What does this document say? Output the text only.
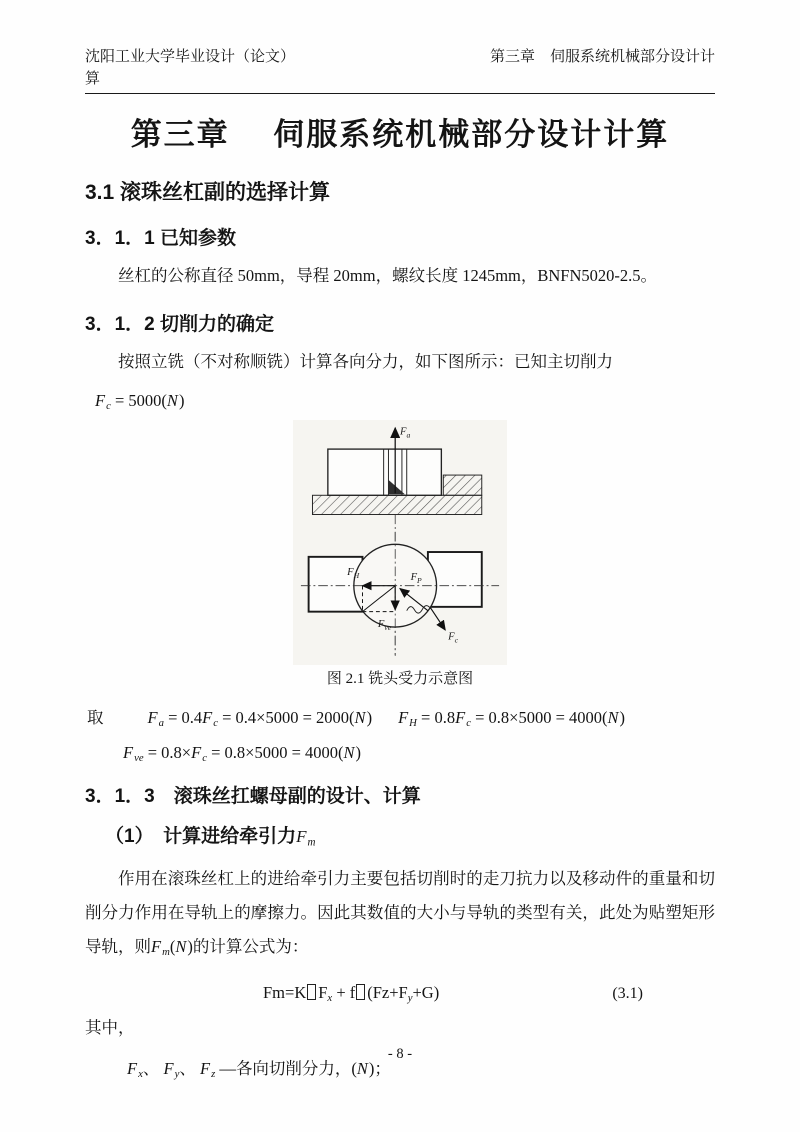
沈阳工业大学毕业设计（论文）	第三章　伺服系统机械部分设计计
算
第三章　 伺服系统机械部分设计计算
3.1 滚珠丝杠副的选择计算
3．1．1 已知参数

丝杠的公称直径 50mm，导程 20mm，螺纹长度 1245mm，BNFN5020-2.5。

3．1．2 切削力的确定

按照立铣（不对称顺铣）计算各向分力，如下图所示：已知主切削力

Fc = 5000(N)
$F_a$
$F_H$	$F_P$
$F_{ve}$
$F_c$
图 2.1 铣头受力示意图
取	Fa = 0.4Fc = 0.4×5000 = 2000(N) FH = 0.8Fc = 0.8×5000 = 4000(N)
Fve = 0.8×Fc = 0.8×5000 = 4000(N)
3．1．3　滚珠丝扛螺母副的设计、计算
（1）　计算进给牵引力Fm

作用在滚珠丝杠上的进给牵引力主要包括切削时的走刀抗力以及移动件的重量和切削分力作用在导轨上的摩擦力。因此其数值的大小与导轨的类型有关，此处为贴塑矩形导轨，则Fm(N)的计算公式为：

Fm=K Fx + f (Fz+Fy+G)	(3.1)

其中，

Fx、 Fy、 Fz —各向切削分力，(N)；
- 8 -
